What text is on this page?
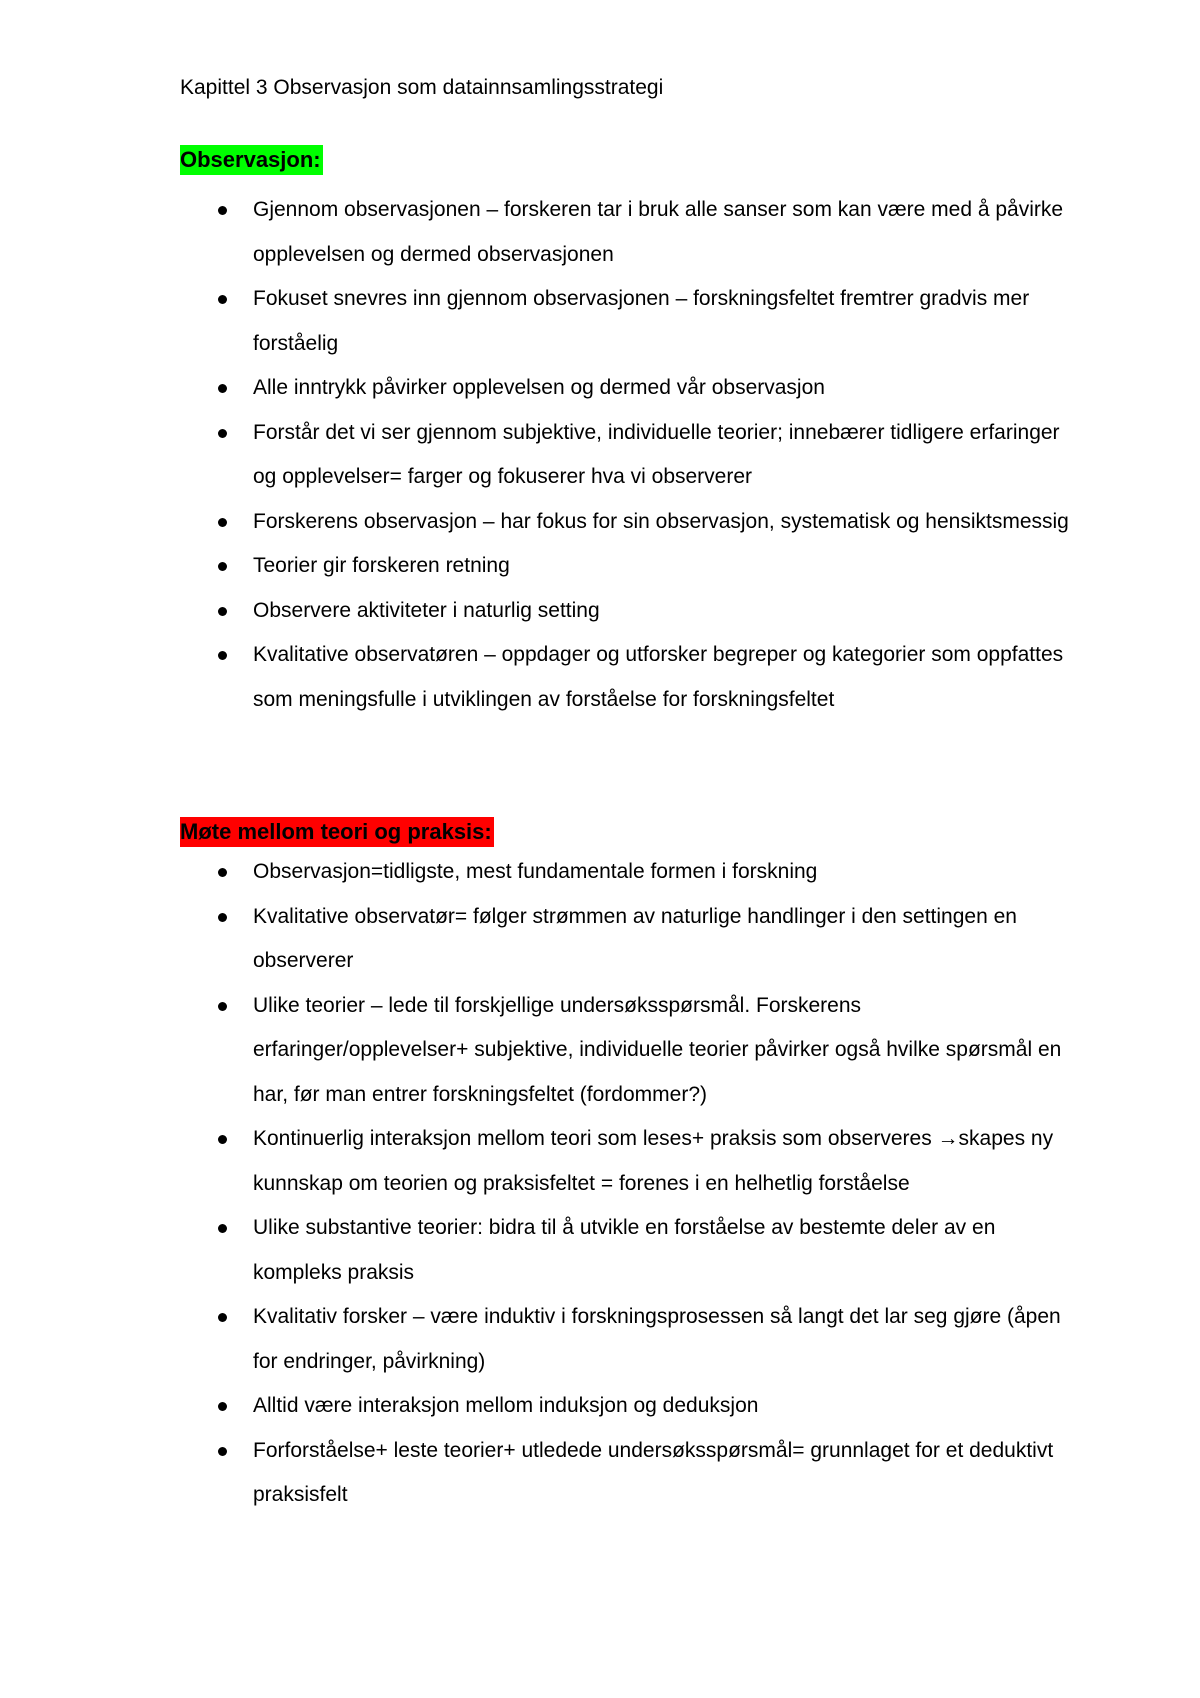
Kapittel 3 Observasjon som datainnsamlingsstrategi
Observasjon:
Gjennom observasjonen – forskeren tar i bruk alle sanser som kan være med å påvirke opplevelsen og dermed observasjonen
Fokuset snevres inn gjennom observasjonen – forskningsfeltet fremtrer gradvis mer forståelig
Alle inntrykk påvirker opplevelsen og dermed vår observasjon
Forstår det vi ser gjennom subjektive, individuelle teorier; innebærer tidligere erfaringer og opplevelser= farger og fokuserer hva vi observerer
Forskerens observasjon – har fokus for sin observasjon, systematisk og hensiktsmessig
Teorier gir forskeren retning
Observere aktiviteter i naturlig setting
Kvalitative observatøren – oppdager og utforsker begreper og kategorier som oppfattes som meningsfulle i utviklingen av forståelse for forskningsfeltet
Møte mellom teori og praksis:
Observasjon=tidligste, mest fundamentale formen i forskning
Kvalitative observatør= følger strømmen av naturlige handlinger i den settingen en observerer
Ulike teorier – lede til forskjellige undersøksspørsmål. Forskerens erfaringer/opplevelser+ subjektive, individuelle teorier påvirker også hvilke spørsmål en har, før man entrer forskningsfeltet (fordommer?)
Kontinuerlig interaksjon mellom teori som leses+ praksis som observeres →skapes ny kunnskap om teorien og praksisfeltet = forenes i en helhetlig forståelse
Ulike substantive teorier: bidra til å utvikle en forståelse av bestemte deler av en kompleks praksis
Kvalitativ forsker – være induktiv i forskningsprosessen så langt det lar seg gjøre (åpen for endringer, påvirkning)
Alltid være interaksjon mellom induksjon og deduksjon
Forforståelse+ leste teorier+ utledede undersøksspørsmål= grunnlaget for et deduktivt praksisfelt
